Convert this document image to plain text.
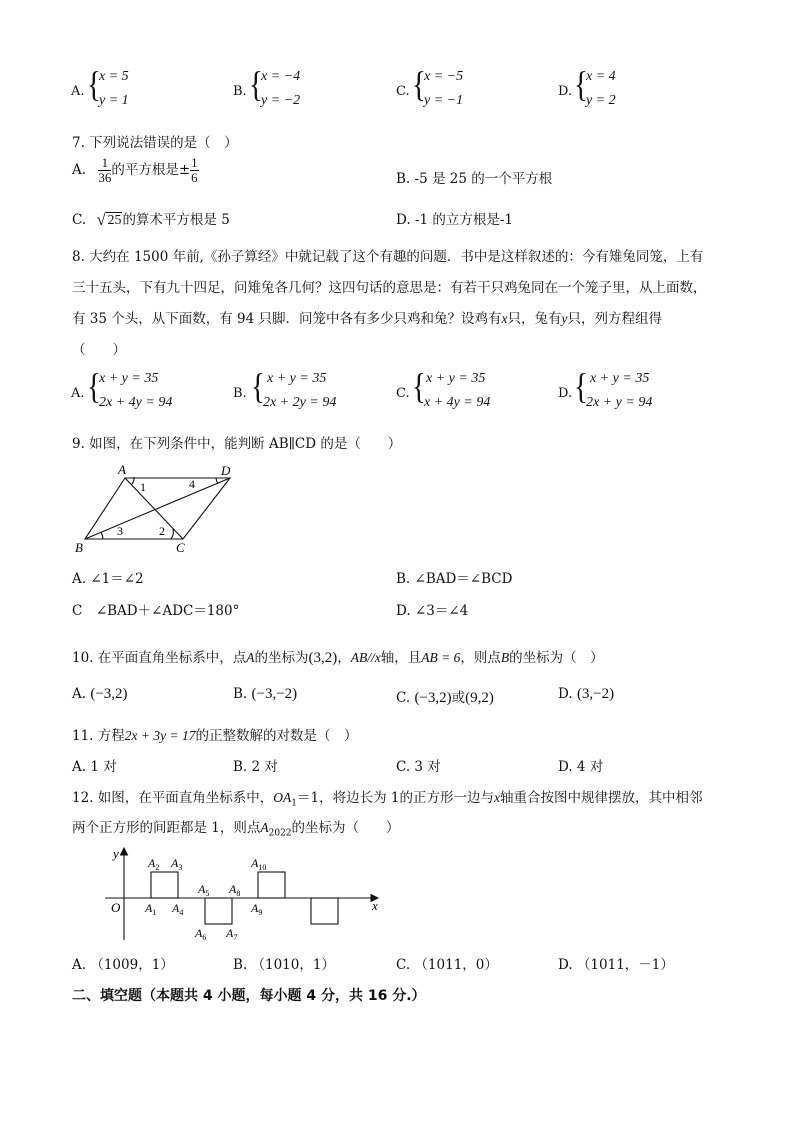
A. {
x = 5
y = 1
B. {
x = −4
y = −2
C. {
x = −5
y = −1
D. {
x = 4
y = 2
7. 下列说法错误的是（　）
A. $\frac{1}{36}$ 的平方根是± $\frac{1}{6}$	B. -5 是 25 的一个平方根
C. √ 25的算术平方根是 5	D. -1 的立方根是-1
8. 大约在 1500 年前,《孙子算经》中就记载了这个有趣的问题．书中是这样叙述的：今有雉兔同笼，上有
三十五头，下有九十四足，问雉兔各几何？这四句话的意思是：有若干只鸡兔同在一个笼子里，从上面数，
有 35 个头，从下面数，有 94 只脚．问笼中各有多少只鸡和兔？设鸡有x只，兔有y只，列方程组得
（　　）
A. {
x + y = 35
2x + 4y = 94
B. { x + y = 35
2x + 2y = 94
C. { x + y = 35
x + 4y = 94
D. { x + y = 35
2x + y = 94
9. 如图，在下列条件中，能判断 AB∥CD 的是（　　）
A	D
B	C
1	4
3	2
A. ∠1＝∠2	B. ∠BAD＝∠BCD
C　∠BAD＋∠ADC＝180°	D. ∠3＝∠4
10. 在平面直角坐标系中，点A的坐标为(3,2)，AB//x轴，且AB = 6，则点B的坐标为（　）
A. (−3,2)	B. (−3,−2)	C. (−3,2)或(9,2)	D. (3,−2)
11. 方程2x + 3y = 17的正整数解的对数是（　）
A. 1 对	B. 2 对	C. 3 对	D. 4 对
12. 如图，在平面直角坐标系中，$OA_1=1$，将边长为 1的正方形一边与x轴重合按图中规律摆放，其中相邻
两个正方形的间距都是 1，则点$A_{2022}$的坐标为（　　）
y
x
O $A_1$
$A_2$ $A_3$
$A_4$
$A_5$
$A_6$ $A_7$
$A_8$
$A_9$
$A_{10}$
A. （1009，1）	B. （1010，1）	C. （1011，0）	D. （1011，－1）
二、填空题（本题共 4 小题，每小题 4 分，共 16 分.）
